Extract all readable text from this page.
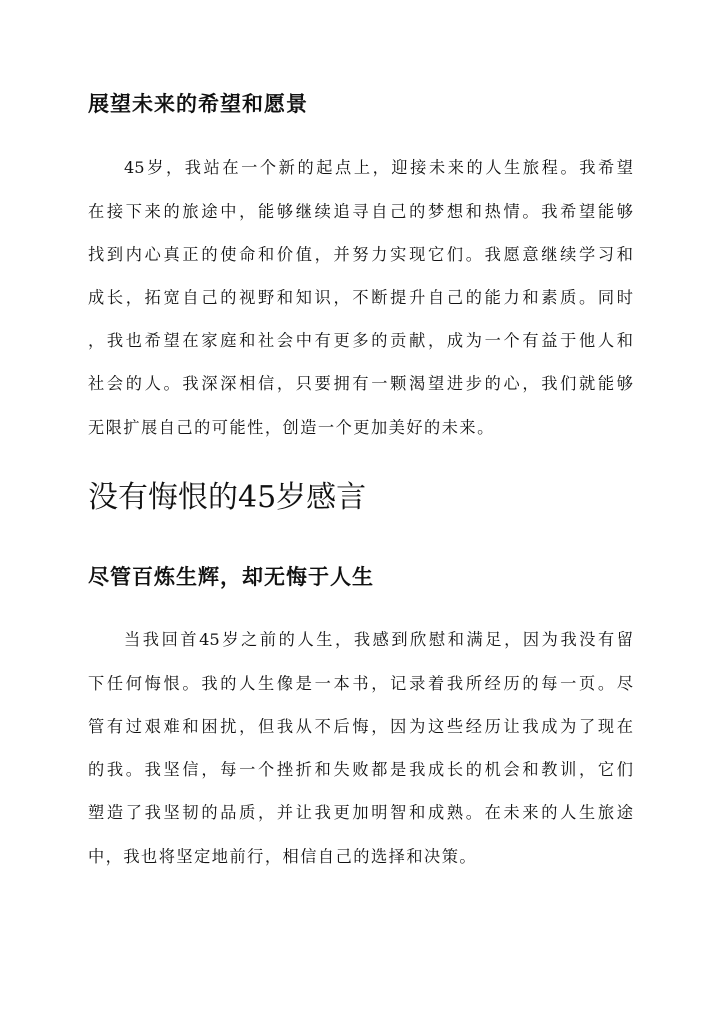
展望未来的希望和愿景
45岁，我站在一个新的起点上，迎接未来的人生旅程。我希望
在接下来的旅途中，能够继续追寻自己的梦想和热情。我希望能够
找到内心真正的使命和价值，并努力实现它们。我愿意继续学习和
成长，拓宽自己的视野和知识，不断提升自己的能力和素质。同时
，我也希望在家庭和社会中有更多的贡献，成为一个有益于他人和
社会的人。我深深相信，只要拥有一颗渴望进步的心，我们就能够
无限扩展自己的可能性，创造一个更加美好的未来。
没有悔恨的45岁感言
尽管百炼生辉，却无悔于人生
当我回首45岁之前的人生，我感到欣慰和满足，因为我没有留
下任何悔恨。我的人生像是一本书，记录着我所经历的每一页。尽
管有过艰难和困扰，但我从不后悔，因为这些经历让我成为了现在
的我。我坚信，每一个挫折和失败都是我成长的机会和教训，它们
塑造了我坚韧的品质，并让我更加明智和成熟。在未来的人生旅途
中，我也将坚定地前行，相信自己的选择和决策。
